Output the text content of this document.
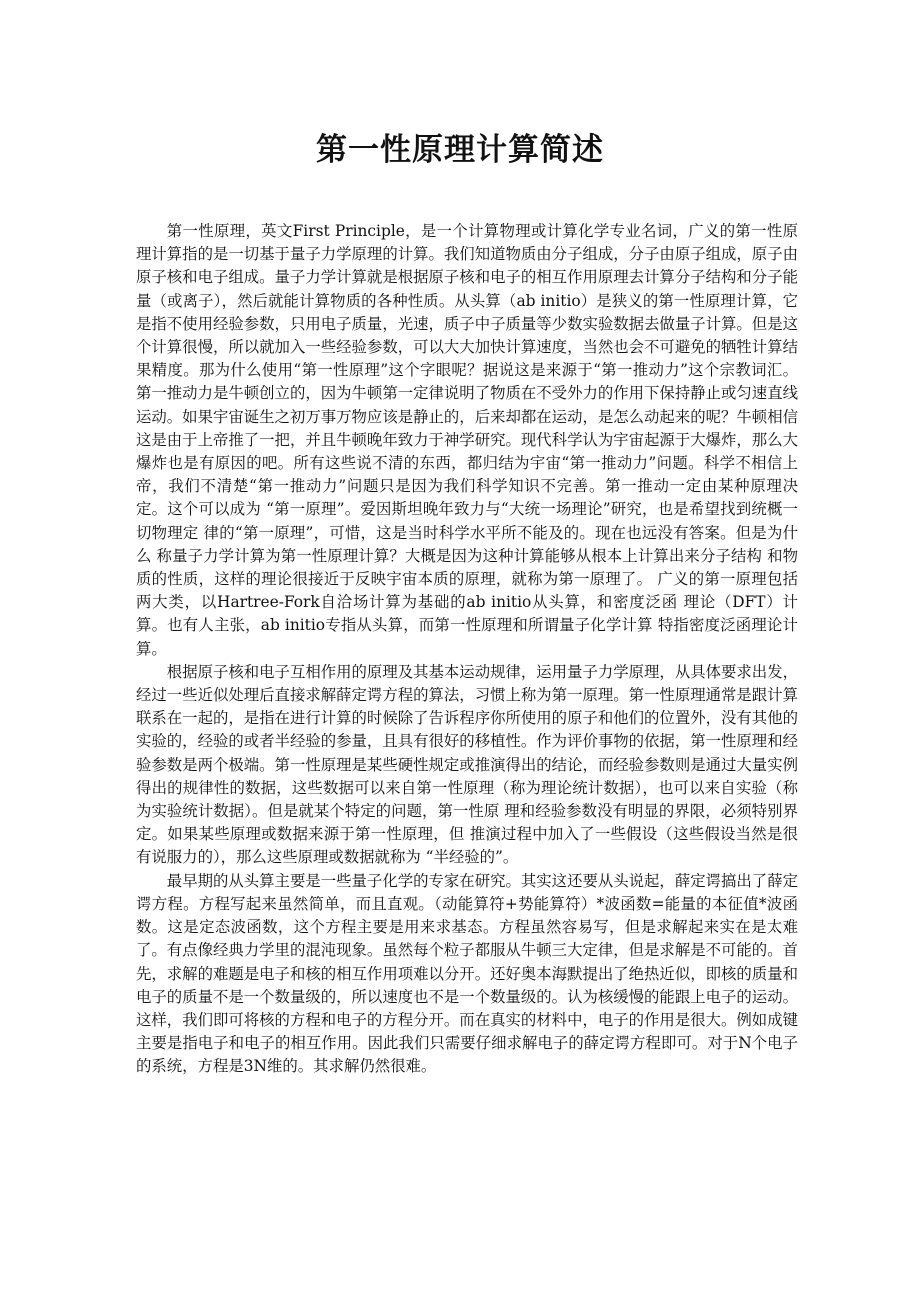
第一性原理计算简述

第一性原理，英文First Principle，是一个计算物理或计算化学专业名词，广义的第一性原理计算指的是一切基于量子力学原理的计算。我们知道物质由分子组成，分子由原子组成，原子由原子核和电子组成。量子力学计算就是根据原子核和电子的相互作用原理去计算分子结构和分子能量（或离子），然后就能计算物质的各种性质。从头算（ab initio）是狭义的第一性原理计算，它是指不使用经验参数，只用电子质量，光速，质子中子质量等少数实验数据去做量子计算。但是这个计算很慢，所以就加入一些经验参数，可以大大加快计算速度，当然也会不可避免的牺牲计算结果精度。那为什么使用“第一性原理”这个字眼呢？据说这是来源于“第一推动力”这个宗教词汇。第一推动力是牛顿创立的，因为牛顿第一定律说明了物质在不受外力的作用下保持静止或匀速直线运动。如果宇宙诞生之初万事万物应该是静止的，后来却都在运动，是怎么动起来的呢？牛顿相信这是由于上帝推了一把，并且牛顿晚年致力于神学研究。现代科学认为宇宙起源于大爆炸，那么大爆炸也是有原因的吧。所有这些说不清的东西，都归结为宇宙“第一推动力”问题。科学不相信上帝，我们不清楚“第一推动力”问题只是因为我们科学知识不完善。第一推动一定由某种原理决定。这个可以成为 “第一原理”。爱因斯坦晚年致力与“大统一场理论”研究，也是希望找到统概一切物理定 律的“第一原理”，可惜，这是当时科学水平所不能及的。现在也远没有答案。但是为什么 称量子力学计算为第一性原理计算？大概是因为这种计算能够从根本上计算出来分子结构 和物质的性质，这样的理论很接近于反映宇宙本质的原理，就称为第一原理了。 广义的第一原理包括两大类，以Hartree-Fork自洽场计算为基础的ab initio从头算，和密度泛函 理论（DFT）计算。也有人主张，ab initio专指从头算，而第一性原理和所谓量子化学计算 特指密度泛函理论计算。

根据原子核和电子互相作用的原理及其基本运动规律，运用量子力学原理，从具体要求出发，经过一些近似处理后直接求解薛定谔方程的算法，习惯上称为第一原理。第一性原理通常是跟计算联系在一起的，是指在进行计算的时候除了告诉程序你所使用的原子和他们的位置外，没有其他的实验的，经验的或者半经验的参量，且具有很好的移植性。作为评价事物的依据，第一性原理和经验参数是两个极端。第一性原理是某些硬性规定或推演得出的结论，而经验参数则是通过大量实例得出的规律性的数据，这些数据可以来自第一性原理（称为理论统计数据），也可以来自实验（称为实验统计数据）。但是就某个特定的问题，第一性原 理和经验参数没有明显的界限，必须特别界定。如果某些原理或数据来源于第一性原理，但 推演过程中加入了一些假设（这些假设当然是很有说服力的），那么这些原理或数据就称为 “半经验的”。

最早期的从头算主要是一些量子化学的专家在研究。其实这还要从头说起，薛定谔搞出了薛定谔方程。方程写起来虽然简单，而且直观。（动能算符+势能算符）*波函数=能量的本征值*波函数。这是定态波函数，这个方程主要是用来求基态。方程虽然容易写，但是求解起来实在是太难了。有点像经典力学里的混沌现象。虽然每个粒子都服从牛顿三大定律，但是求解是不可能的。首先，求解的难题是电子和核的相互作用项难以分开。还好奥本海默提出了绝热近似，即核的质量和电子的质量不是一个数量级的，所以速度也不是一个数量级的。认为核缓慢的能跟上电子的运动。这样，我们即可将核的方程和电子的方程分开。而在真实的材料中，电子的作用是很大。例如成键主要是指电子和电子的相互作用。因此我们只需要仔细求解电子的薛定谔方程即可。对于N个电子的系统，方程是3N维的。其求解仍然很难。
